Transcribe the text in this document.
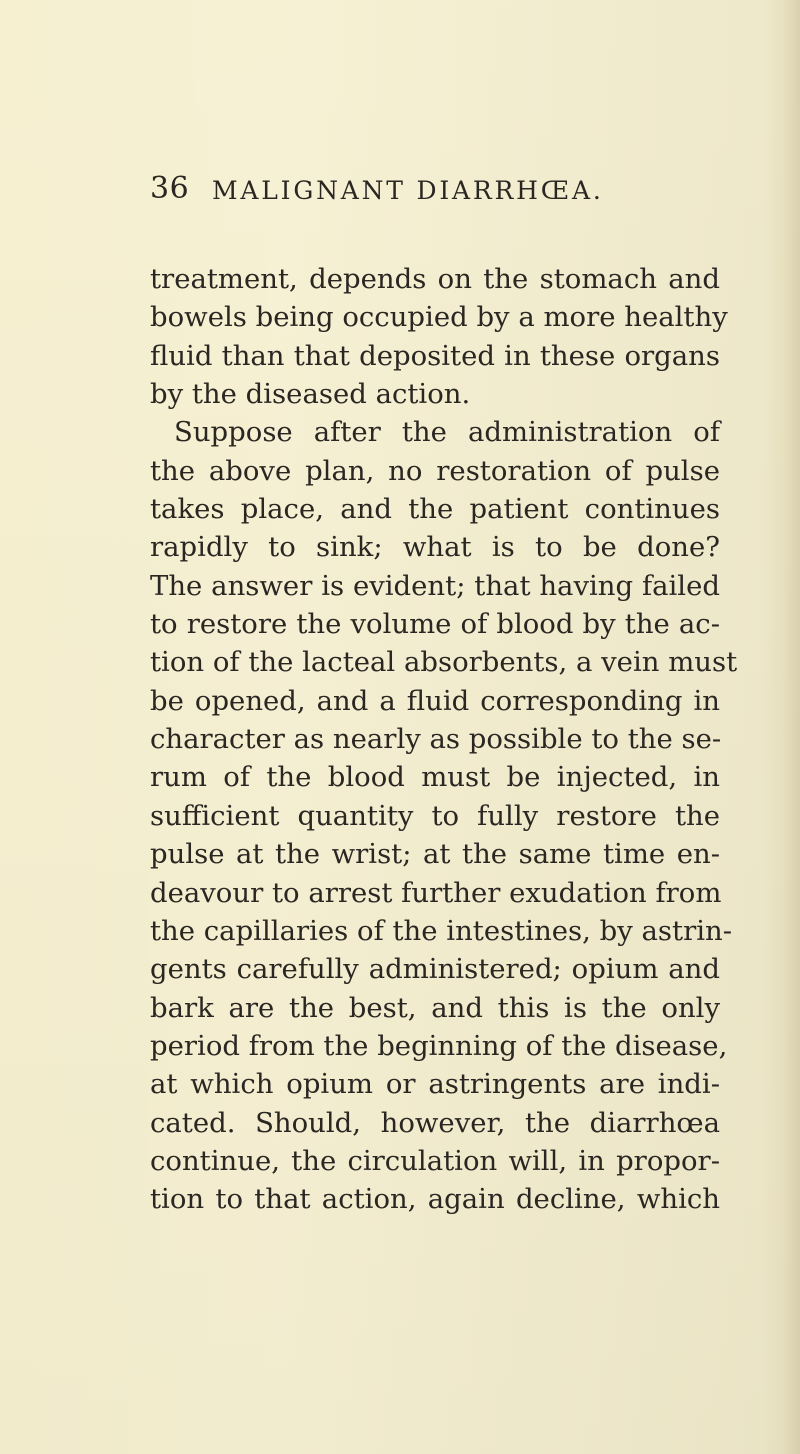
36 MALIGNANT DIARRHŒA.
treatment, depends on the stomach and
bowels being occupied by a more healthy
fluid than that deposited in these organs
by the diseased action.
Suppose after the administration of
the above plan, no restoration of pulse
takes place, and the patient continues
rapidly to sink; what is to be done?
The answer is evident; that having failed
to restore the volume of blood by the ac-
tion of the lacteal absorbents, a vein must
be opened, and a fluid corresponding in
character as nearly as possible to the se-
rum of the blood must be injected, in
sufficient quantity to fully restore the
pulse at the wrist; at the same time en-
deavour to arrest further exudation from
the capillaries of the intestines, by astrin-
gents carefully administered; opium and
bark are the best, and this is the only
period from the beginning of the disease,
at which opium or astringents are indi-
cated. Should, however, the diarrhœa
continue, the circulation will, in propor-
tion to that action, again decline, which
